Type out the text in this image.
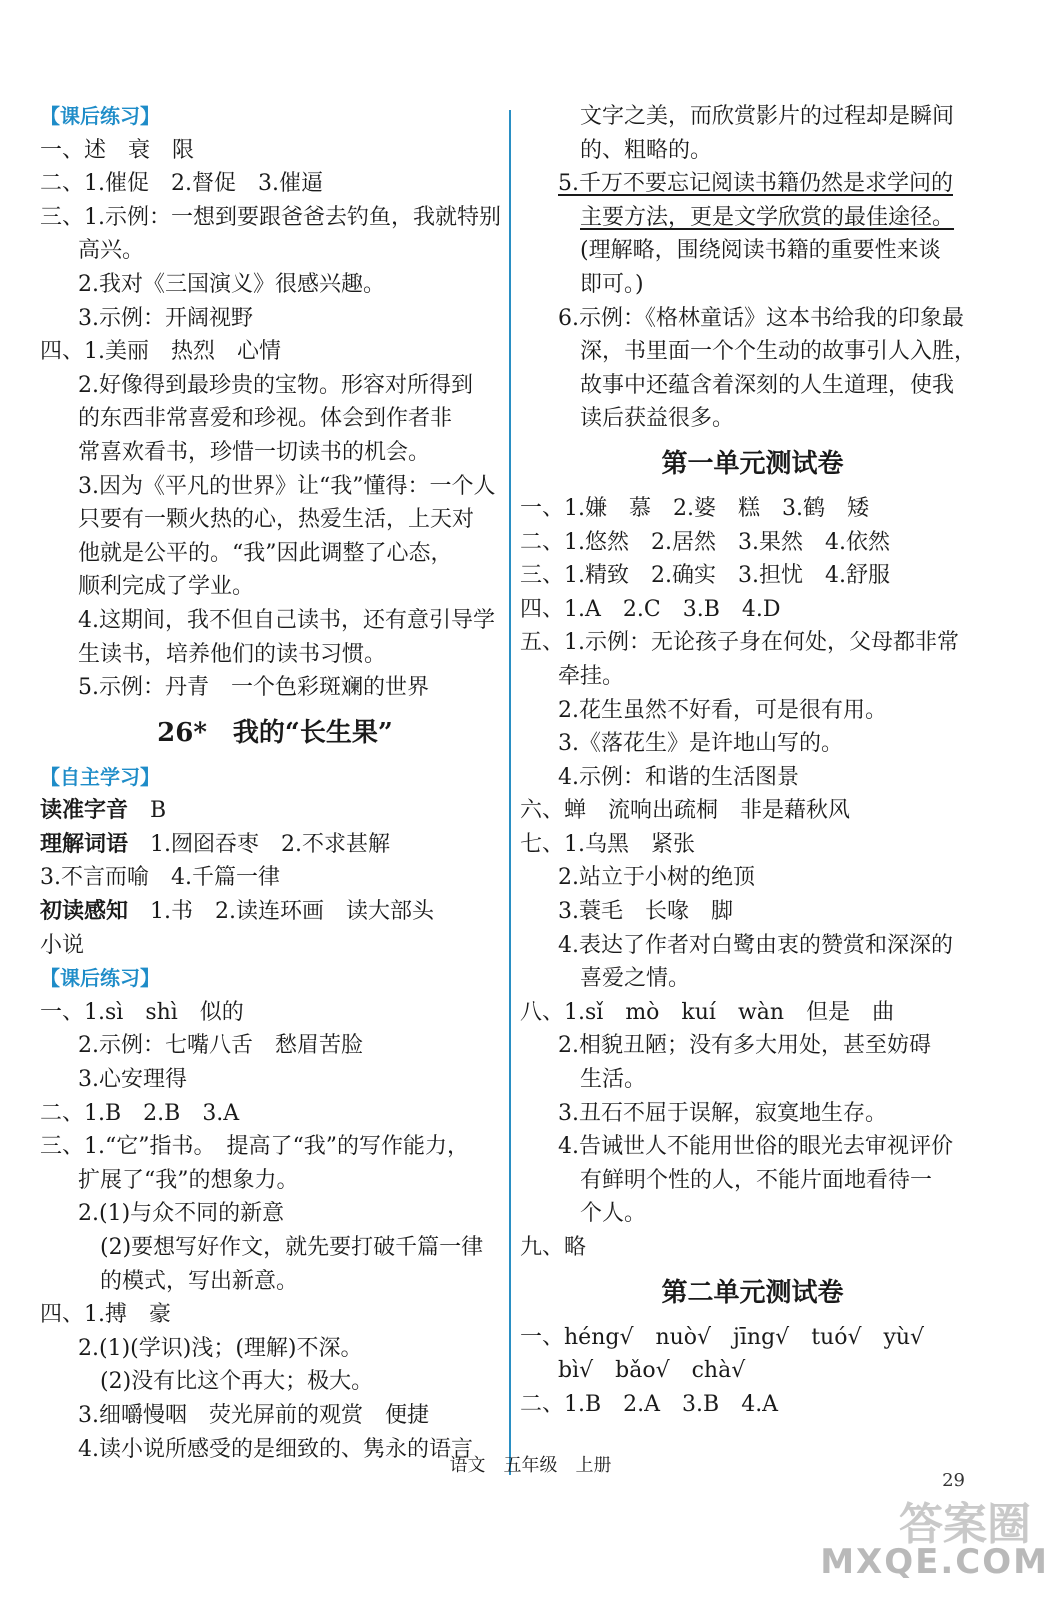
【课后练习】
一、述　衰　限
二、1.催促　2.督促　3.催逼
三、1.示例：一想到要跟爸爸去钓鱼，我就特别
高兴。
2.我对《三国演义》很感兴趣。
3.示例：开阔视野
四、1.美丽　热烈　心情
2.好像得到最珍贵的宝物。形容对所得到
的东西非常喜爱和珍视。体会到作者非
常喜欢看书，珍惜一切读书的机会。
3.因为《平凡的世界》让“我”懂得：一个人
只要有一颗火热的心，热爱生活，上天对
他就是公平的。“我”因此调整了心态，
顺利完成了学业。
4.这期间，我不但自己读书，还有意引导学
生读书，培养他们的读书习惯。
5.示例：丹青　一个色彩斑斓的世界
26*　我的“长生果”
【自主学习】
读准字音　B
理解词语　1.囫囵吞枣　2.不求甚解
3.不言而喻　4.千篇一律
初读感知　1.书　2.读连环画　读大部头
小说
【课后练习】
一、1.sì　shì　似的
2.示例：七嘴八舌　愁眉苦脸
3.心安理得
二、1.B　2.B　3.A
三、1.“它”指书。　提高了“我”的写作能力，
扩展了“我”的想象力。
2.(1)与众不同的新意
(2)要想写好作文，就先要打破千篇一律
的模式，写出新意。
四、1.搏　豪
2.(1)(学识)浅；(理解)不深。
(2)没有比这个再大；极大。
3.细嚼慢咽　荧光屏前的观赏　便捷
4.读小说所感受的是细致的、隽永的语言
文字之美，而欣赏影片的过程却是瞬间
的、粗略的。
5.千万不要忘记阅读书籍仍然是求学问的
主要方法，更是文学欣赏的最佳途径。
(理解略，围绕阅读书籍的重要性来谈
即可。)
6.示例：《格林童话》这本书给我的印象最
深，书里面一个个生动的故事引人入胜，
故事中还蕴含着深刻的人生道理，使我
读后获益很多。
第一单元测试卷
一、1.嫌　慕　2.婆　糕　3.鹤　矮
二、1.悠然　2.居然　3.果然　4.依然
三、1.精致　2.确实　3.担忧　4.舒服
四、1.A　2.C　3.B　4.D
五、1.示例：无论孩子身在何处，父母都非常
牵挂。
2.花生虽然不好看，可是很有用。
3.《落花生》是许地山写的。
4.示例：和谐的生活图景
六、蝉　流响出疏桐　非是藉秋风
七、1.乌黑　紧张
2.站立于小树的绝顶
3.蓑毛　长喙　脚
4.表达了作者对白鹭由衷的赞赏和深深的
喜爱之情。
八、1.sǐ　mò　kuí　wàn　但是　曲
2.相貌丑陋；没有多大用处，甚至妨碍
生活。
3.丑石不屈于误解，寂寞地生存。
4.告诫世人不能用世俗的眼光去审视评价
有鲜明个性的人，不能片面地看待一
个人。
九、略
第二单元测试卷
一、héng√　nuò√　jīng√　tuó√　yù√
bì√　bǎo√　chà√
二、1.B　2.A　3.B　4.A
语文　五年级　上册
29
答案圈
MXQE.COM
